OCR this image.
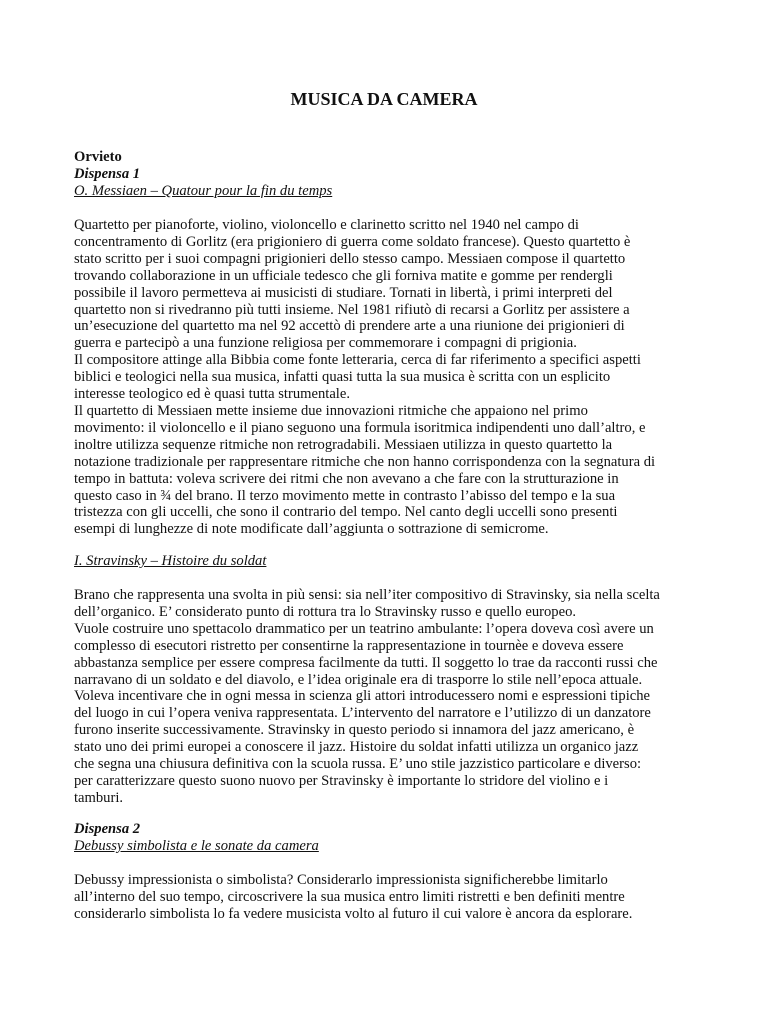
MUSICA DA CAMERA
Orvieto
Dispensa 1
O. Messiaen – Quatour pour la fin du temps
Quartetto per pianoforte, violino, violoncello e clarinetto scritto nel 1940 nel campo di
concentramento di Gorlitz (era prigioniero di guerra come soldato francese). Questo quartetto è
stato scritto per i suoi compagni prigionieri dello stesso campo. Messiaen compose il quartetto
trovando collaborazione in un ufficiale tedesco che gli forniva matite e gomme per rendergli
possibile il lavoro permetteva ai musicisti di studiare. Tornati in libertà, i primi interpreti del
quartetto non si rivedranno più tutti insieme. Nel 1981 rifiutò di recarsi a Gorlitz per assistere a
un’esecuzione del quartetto ma nel 92 accettò di prendere arte a una riunione dei prigionieri di
guerra e partecipò a una funzione religiosa per commemorare i compagni di prigionia.
Il compositore attinge alla Bibbia come fonte letteraria, cerca di far riferimento a specifici aspetti
biblici e teologici nella sua musica, infatti quasi tutta la sua musica è scritta con un esplicito
interesse teologico ed è quasi tutta strumentale.
Il quartetto di Messiaen mette insieme due innovazioni ritmiche che appaiono nel primo
movimento: il violoncello e il piano seguono una formula isoritmica indipendenti uno dall’altro, e
inoltre utilizza sequenze ritmiche non retrogradabili. Messiaen utilizza in questo quartetto la
notazione tradizionale per rappresentare ritmiche che non hanno corrispondenza con la segnatura di
tempo in battuta: voleva scrivere dei ritmi che non avevano a che fare con la strutturazione in
questo caso in ¾ del brano. Il terzo movimento mette in contrasto l’abisso del tempo e la sua
tristezza con gli uccelli, che sono il contrario del tempo. Nel canto degli uccelli sono presenti
esempi di lunghezze di note modificate dall’aggiunta o sottrazione di semicrome.
I. Stravinsky – Histoire du soldat
Brano che rappresenta una svolta in più sensi: sia nell’iter compositivo di Stravinsky, sia nella scelta
dell’organico. E’ considerato punto di rottura tra lo Stravinsky russo e quello europeo.
Vuole costruire uno spettacolo drammatico per un teatrino ambulante: l’opera doveva così avere un
complesso di esecutori ristretto per consentirne la rappresentazione in tournèe e doveva essere
abbastanza semplice per essere compresa facilmente da tutti. Il soggetto lo trae da racconti russi che
narravano di un soldato e del diavolo, e l’idea originale era di trasporre lo stile nell’epoca attuale.
Voleva incentivare che in ogni messa in scienza gli attori introducessero nomi e espressioni tipiche
del luogo in cui l’opera veniva rappresentata. L’intervento del narratore e l’utilizzo di un danzatore
furono inserite successivamente. Stravinsky in questo periodo si innamora del jazz americano, è
stato uno dei primi europei a conoscere il jazz. Histoire du soldat infatti utilizza un organico jazz
che segna una chiusura definitiva con la scuola russa. E’ uno stile jazzistico particolare e diverso:
per caratterizzare questo suono nuovo per Stravinsky è importante lo stridore del violino e i
tamburi.
Dispensa 2
Debussy simbolista e le sonate da camera
Debussy impressionista o simbolista? Considerarlo impressionista significherebbe limitarlo
all’interno del suo tempo, circoscrivere la sua musica entro limiti ristretti e ben definiti mentre
considerarlo simbolista lo fa vedere musicista volto al futuro il cui valore è ancora da esplorare.
